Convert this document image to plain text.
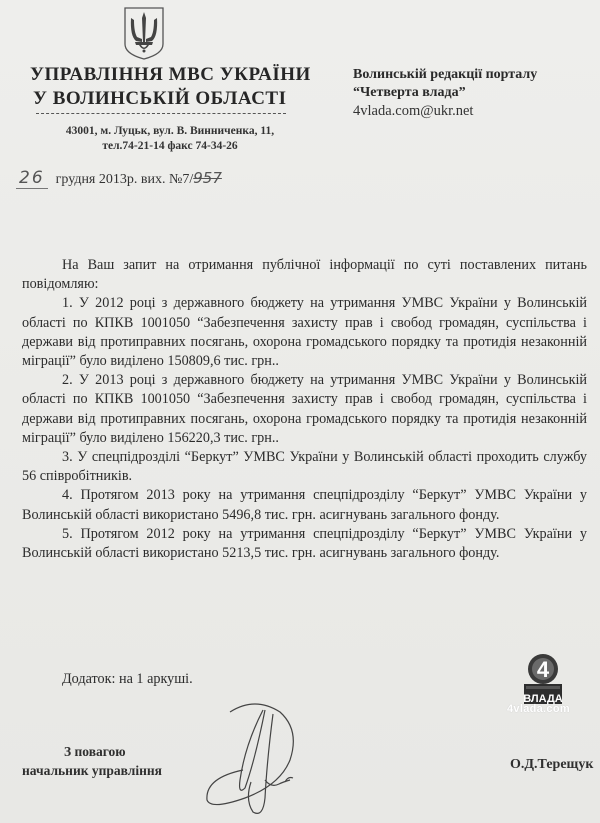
УПРАВЛІННЯ МВС УКРАЇНИ
У ВОЛИНСЬКІЙ ОБЛАСТІ
43001, м. Луцьк, вул. В. Винниченка, 11,
тел.74-21-14 факс 74-34-26
Волинській редакції порталу
“Четверта влада”
4vlada.com@ukr.net
26 грудня 2013р. вих. №7/957

На Ваш запит на отримання публічної інформації по суті поставлених питань повідомляю:

1. У 2012 році з державного бюджету на утримання УМВС України у Волинській області по КПКВ 1001050 “Забезпечення захисту прав і свобод громадян, суспільства і держави від протиправних посягань, охорона громадського порядку та протидія незаконній міграції” було виділено 150809,6 тис. грн..

2. У 2013 році з державного бюджету на утримання УМВС України у Волинській області по КПКВ 1001050 “Забезпечення захисту прав і свобод громадян, суспільства і держави від протиправних посягань, охорона громадського порядку та протидія незаконній міграції” було виділено 156220,3 тис. грн..

3. У спецпідрозділі “Беркут” УМВС України у Волинській області проходить службу 56 співробітників.

4. Протягом 2013 року на утримання спецпідрозділу “Беркут” УМВС України у Волинській області використано 5496,8 тис. грн. асигнувань загального фонду.

5. Протягом 2012 року на утримання спецпідрозділу “Беркут” УМВС України у Волинській області використано 5213,5 тис. грн. асигнувань загального фонду.

Додаток: на 1 аркуші.	4
ВЛАДА
4vlada.com
З повагою
начальник управління	О.Д.Терещук
